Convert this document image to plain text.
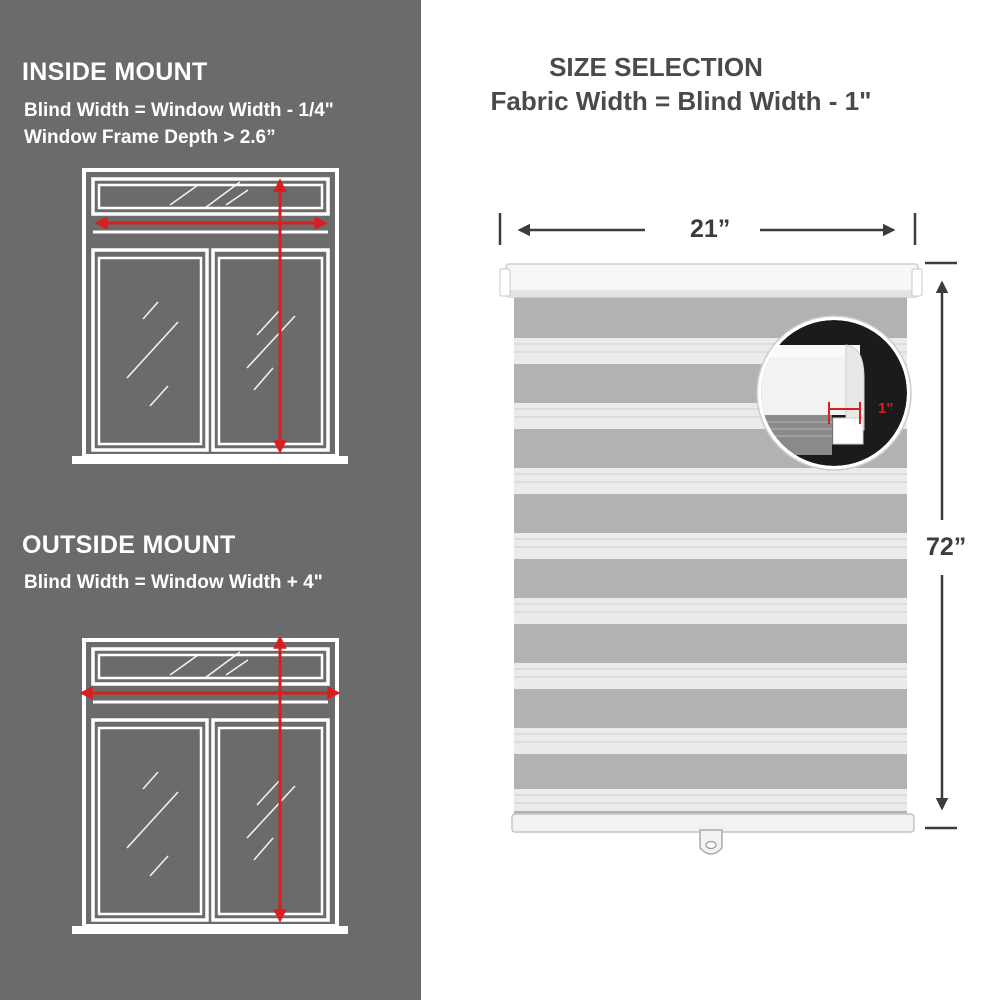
INSIDE MOUNT
Blind Width = Window Width - 1/4"
Window Frame Depth > 2.6”
OUTSIDE MOUNT
Blind Width = Window Width + 4"
SIZE SELECTION
Fabric Width = Blind Width - 1"
21”
72”
1"
